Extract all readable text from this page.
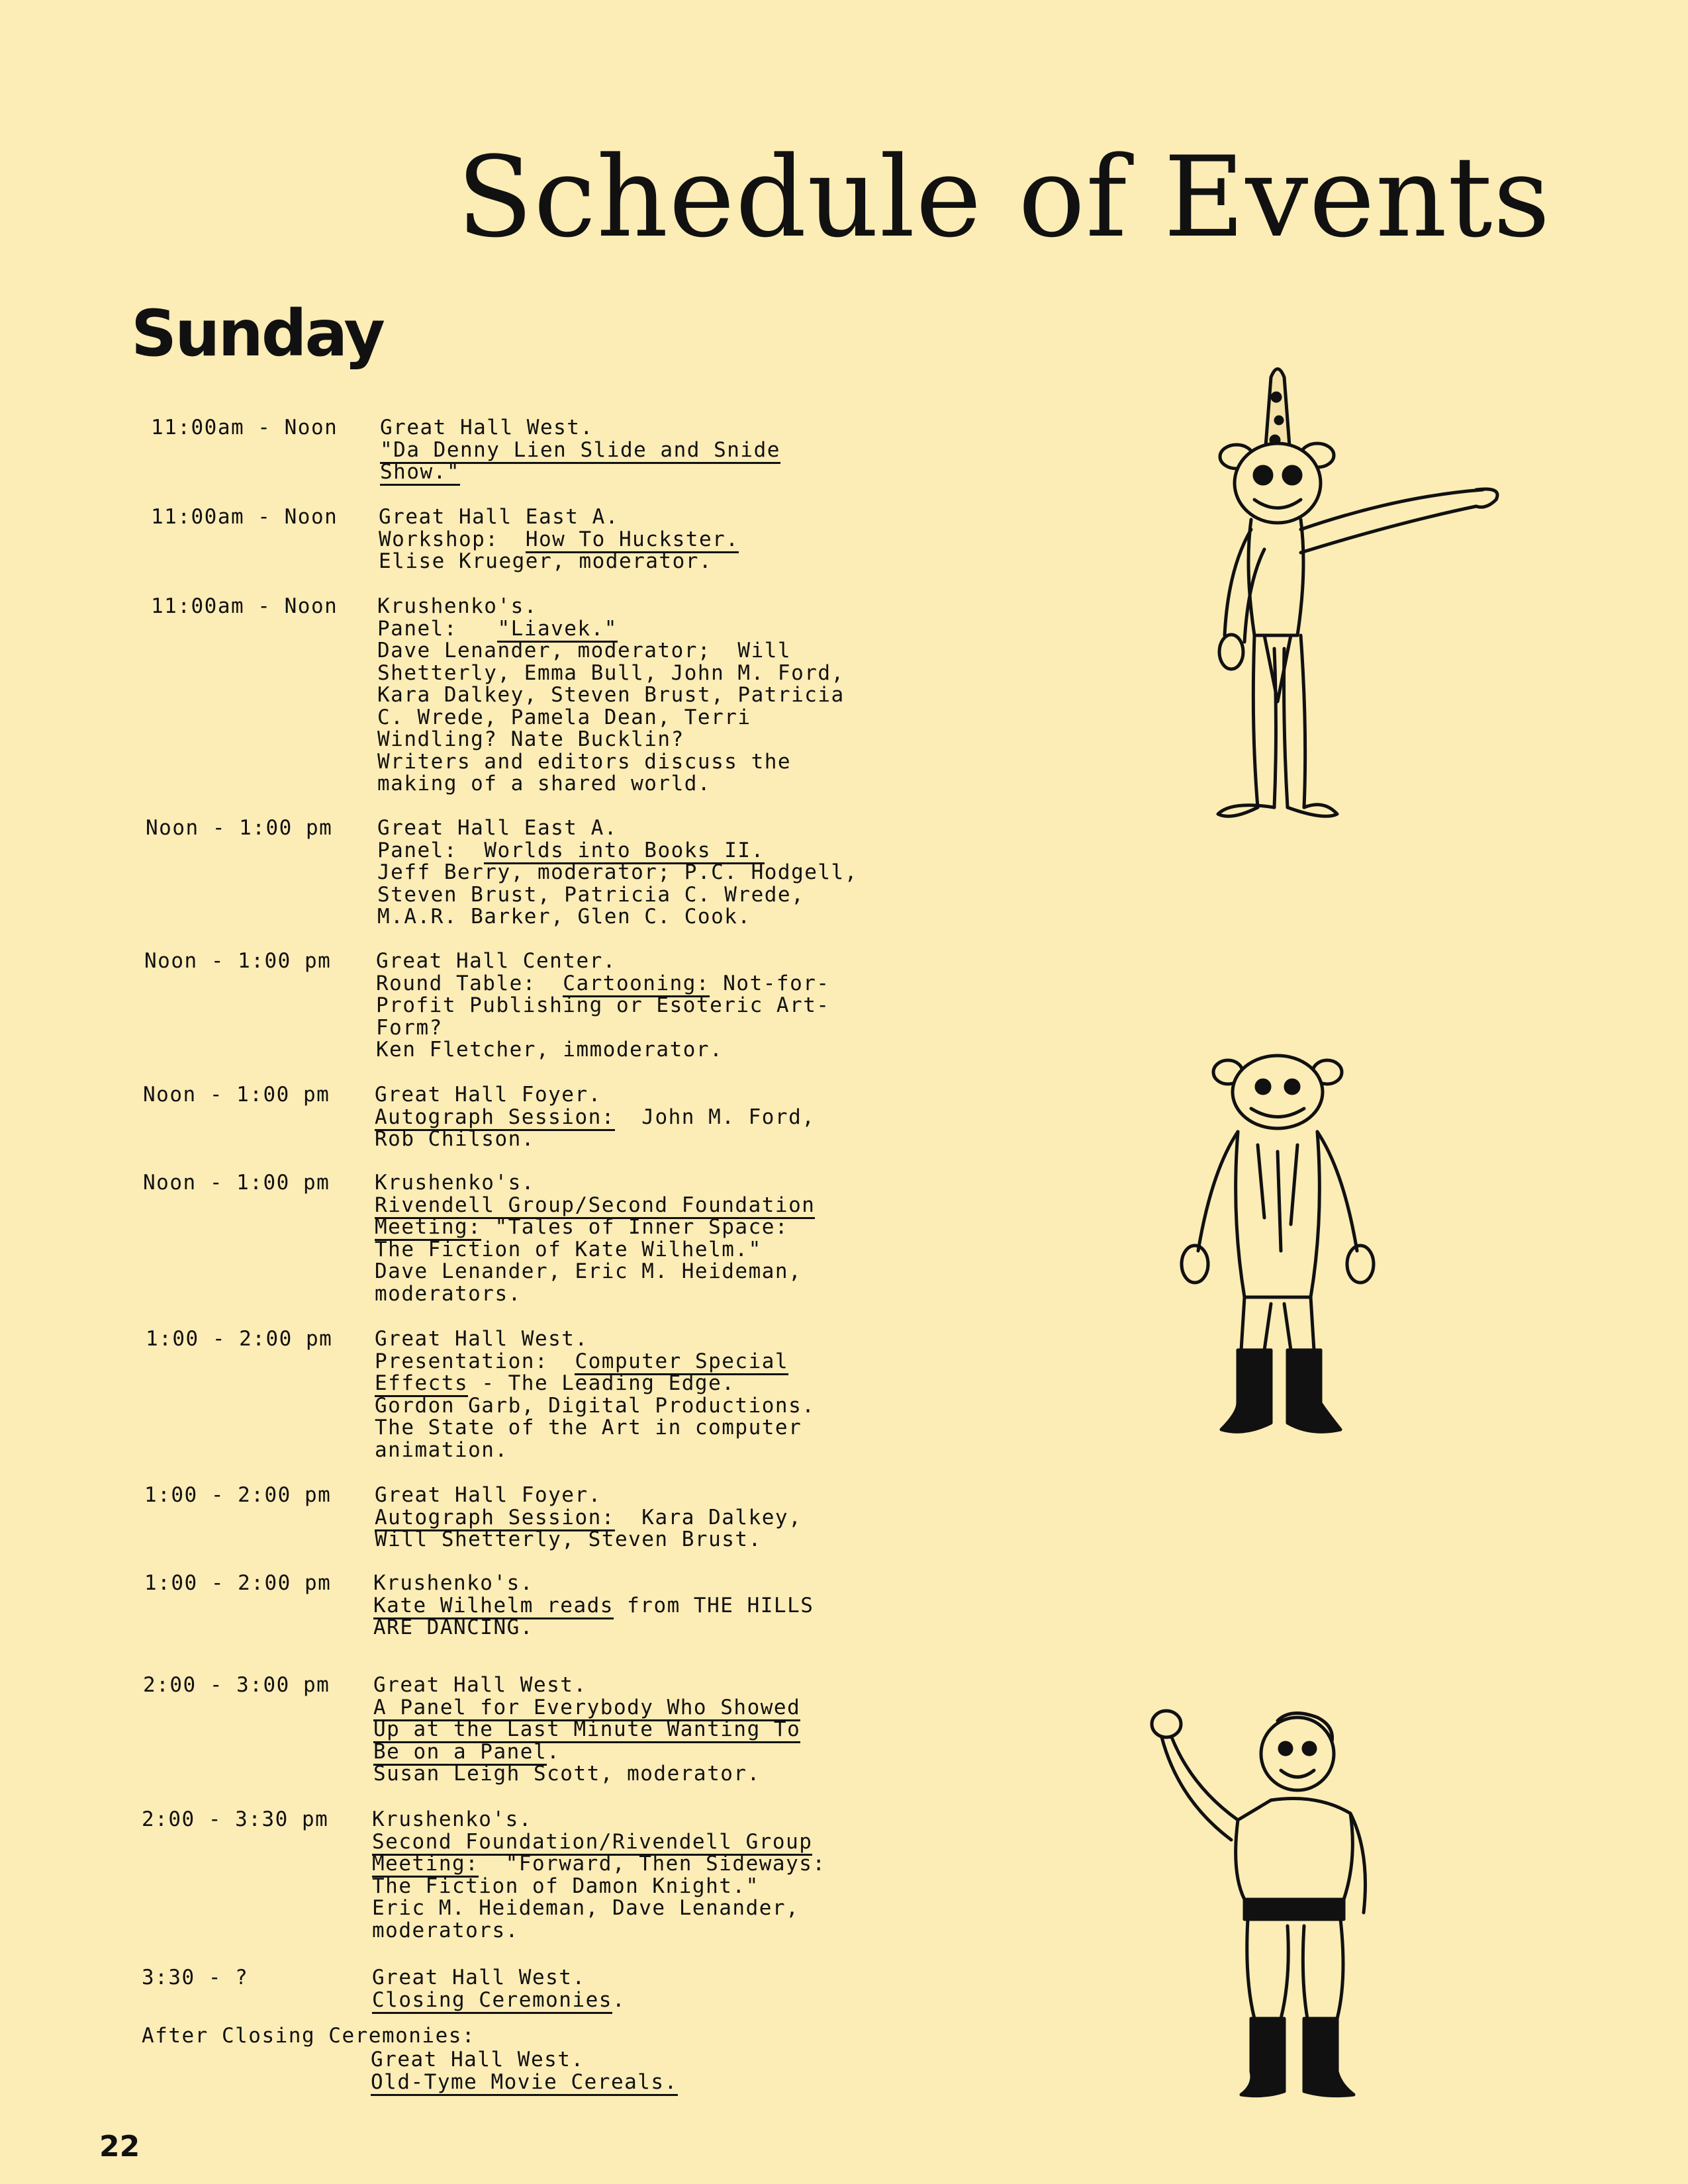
Schedule of Events
Sunday
11:00am - Noon Great Hall West.
"Da Denny Lien Slide and Snide
Show."
11:00am - Noon Great Hall East A.
Workshop:  How To Huckster.
Elise Krueger, moderator.
11:00am - Noon Krushenko's.
Panel:   "Liavek."
Dave Lenander, moderator;  Will
Shetterly, Emma Bull, John M. Ford,
Kara Dalkey, Steven Brust, Patricia
C. Wrede, Pamela Dean, Terri
Windling? Nate Bucklin?
Writers and editors discuss the
making of a shared world.
Noon - 1:00 pm Great Hall East A.
Panel:  Worlds into Books II.
Jeff Berry, moderator; P.C. Hodgell,
Steven Brust, Patricia C. Wrede,
M.A.R. Barker, Glen C. Cook.
Noon - 1:00 pm Great Hall Center.
Round Table:  Cartooning: Not-for-
Profit Publishing or Esoteric Art-
Form?
Ken Fletcher, immoderator.
Noon - 1:00 pm Great Hall Foyer.
Autograph Session:  John M. Ford,
Rob Chilson.
Noon - 1:00 pm Krushenko's.
Rivendell Group/Second Foundation
Meeting: "Tales of Inner Space:
The Fiction of Kate Wilhelm."
Dave Lenander, Eric M. Heideman,
moderators.
1:00 - 2:00 pm Great Hall West.
Presentation:  Computer Special
Effects - The Leading Edge.
Gordon Garb, Digital Productions.
The State of the Art in computer
animation.
1:00 - 2:00 pm Great Hall Foyer.
Autograph Session:  Kara Dalkey,
Will Shetterly, Steven Brust.
1:00 - 2:00 pm Krushenko's.
Kate Wilhelm reads from THE HILLS
ARE DANCING.
2:00 - 3:00 pm Great Hall West.
A Panel for Everybody Who Showed
Up at the Last Minute Wanting To
Be on a Panel.
Susan Leigh Scott, moderator.
2:00 - 3:30 pm Krushenko's.
Second Foundation/Rivendell Group
Meeting:  "Forward, Then Sideways:
The Fiction of Damon Knight."
Eric M. Heideman, Dave Lenander,
moderators.
3:30 - ?	Great Hall West.
Closing Ceremonies.
After Closing Ceremonies:
Great Hall West.
Old-Tyme Movie Cereals.
22
